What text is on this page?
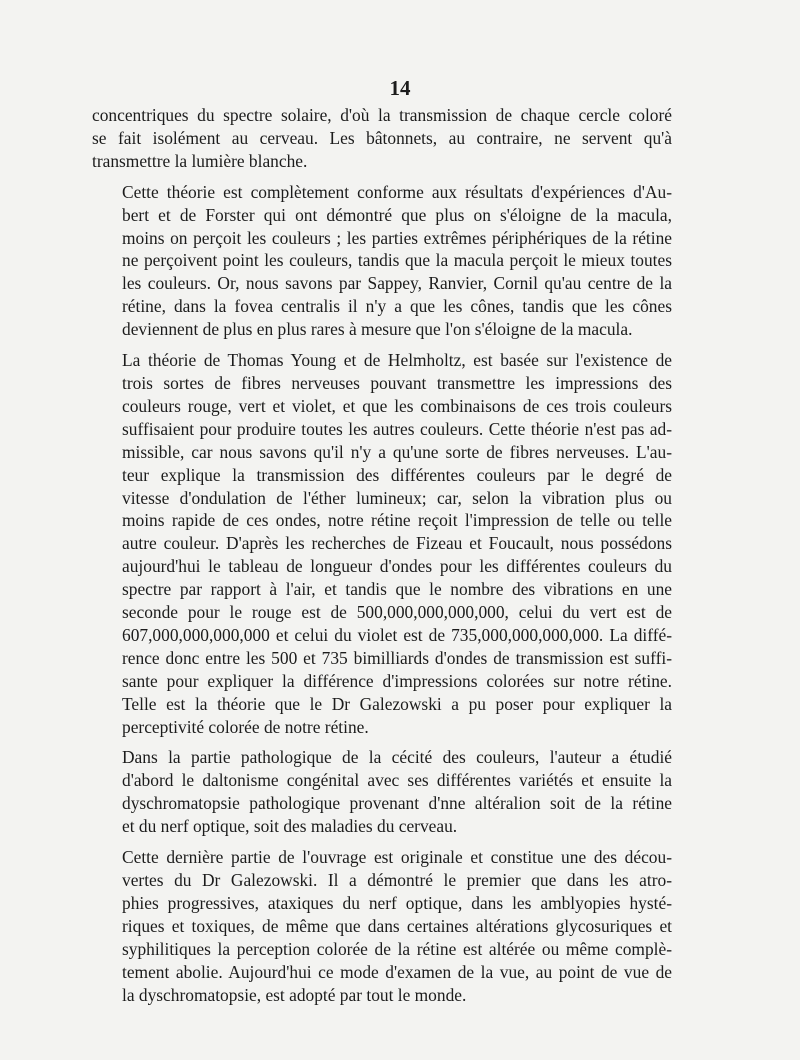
14

concentriques du spectre solaire, d'où la transmission de chaque cercle coloré
se fait isolément au cerveau. Les bâtonnets, au contraire, ne servent qu'à
transmettre la lumière blanche.

Cette théorie est complètement conforme aux résultats d'expériences d'Au-
bert et de Forster qui ont démontré que plus on s'éloigne de la macula,
moins on perçoit les couleurs ; les parties extrêmes périphériques de la rétine
ne perçoivent point les couleurs, tandis que la macula perçoit le mieux toutes
les couleurs. Or, nous savons par Sappey, Ranvier, Cornil qu'au centre de la
rétine, dans la fovea centralis il n'y a que les cônes, tandis que les cônes
deviennent de plus en plus rares à mesure que l'on s'éloigne de la macula.

La théorie de Thomas Young et de Helmholtz, est basée sur l'existence de
trois sortes de fibres nerveuses pouvant transmettre les impressions des
couleurs rouge, vert et violet, et que les combinaisons de ces trois couleurs
suffisaient pour produire toutes les autres couleurs. Cette théorie n'est pas ad-
missible, car nous savons qu'il n'y a qu'une sorte de fibres nerveuses. L'au-
teur explique la transmission des différentes couleurs par le degré de
vitesse d'ondulation de l'éther lumineux; car, selon la vibration plus ou
moins rapide de ces ondes, notre rétine reçoit l'impression de telle ou telle
autre couleur. D'après les recherches de Fizeau et Foucault, nous possédons
aujourd'hui le tableau de longueur d'ondes pour les différentes couleurs du
spectre par rapport à l'air, et tandis que le nombre des vibrations en une
seconde pour le rouge est de 500,000,000,000,000, celui du vert est de
607,000,000,000,000 et celui du violet est de 735,000,000,000,000. La diffé-
rence donc entre les 500 et 735 bimilliards d'ondes de transmission est suffi-
sante pour expliquer la différence d'impressions colorées sur notre rétine.
Telle est la théorie que le Dr Galezowski a pu poser pour expliquer la
perceptivité colorée de notre rétine.

Dans la partie pathologique de la cécité des couleurs, l'auteur a étudié
d'abord le daltonisme congénital avec ses différentes variétés et ensuite la
dyschromatopsie pathologique provenant d'nne altéralion soit de la rétine
et du nerf optique, soit des maladies du cerveau.

Cette dernière partie de l'ouvrage est originale et constitue une des décou-
vertes du Dr Galezowski. Il a démontré le premier que dans les atro-
phies progressives, ataxiques du nerf optique, dans les amblyopies hysté-
riques et toxiques, de même que dans certaines altérations glycosuriques et
syphilitiques la perception colorée de la rétine est altérée ou même complè-
tement abolie. Aujourd'hui ce mode d'examen de la vue, au point de vue de
la dyschromatopsie, est adopté par tout le monde.
